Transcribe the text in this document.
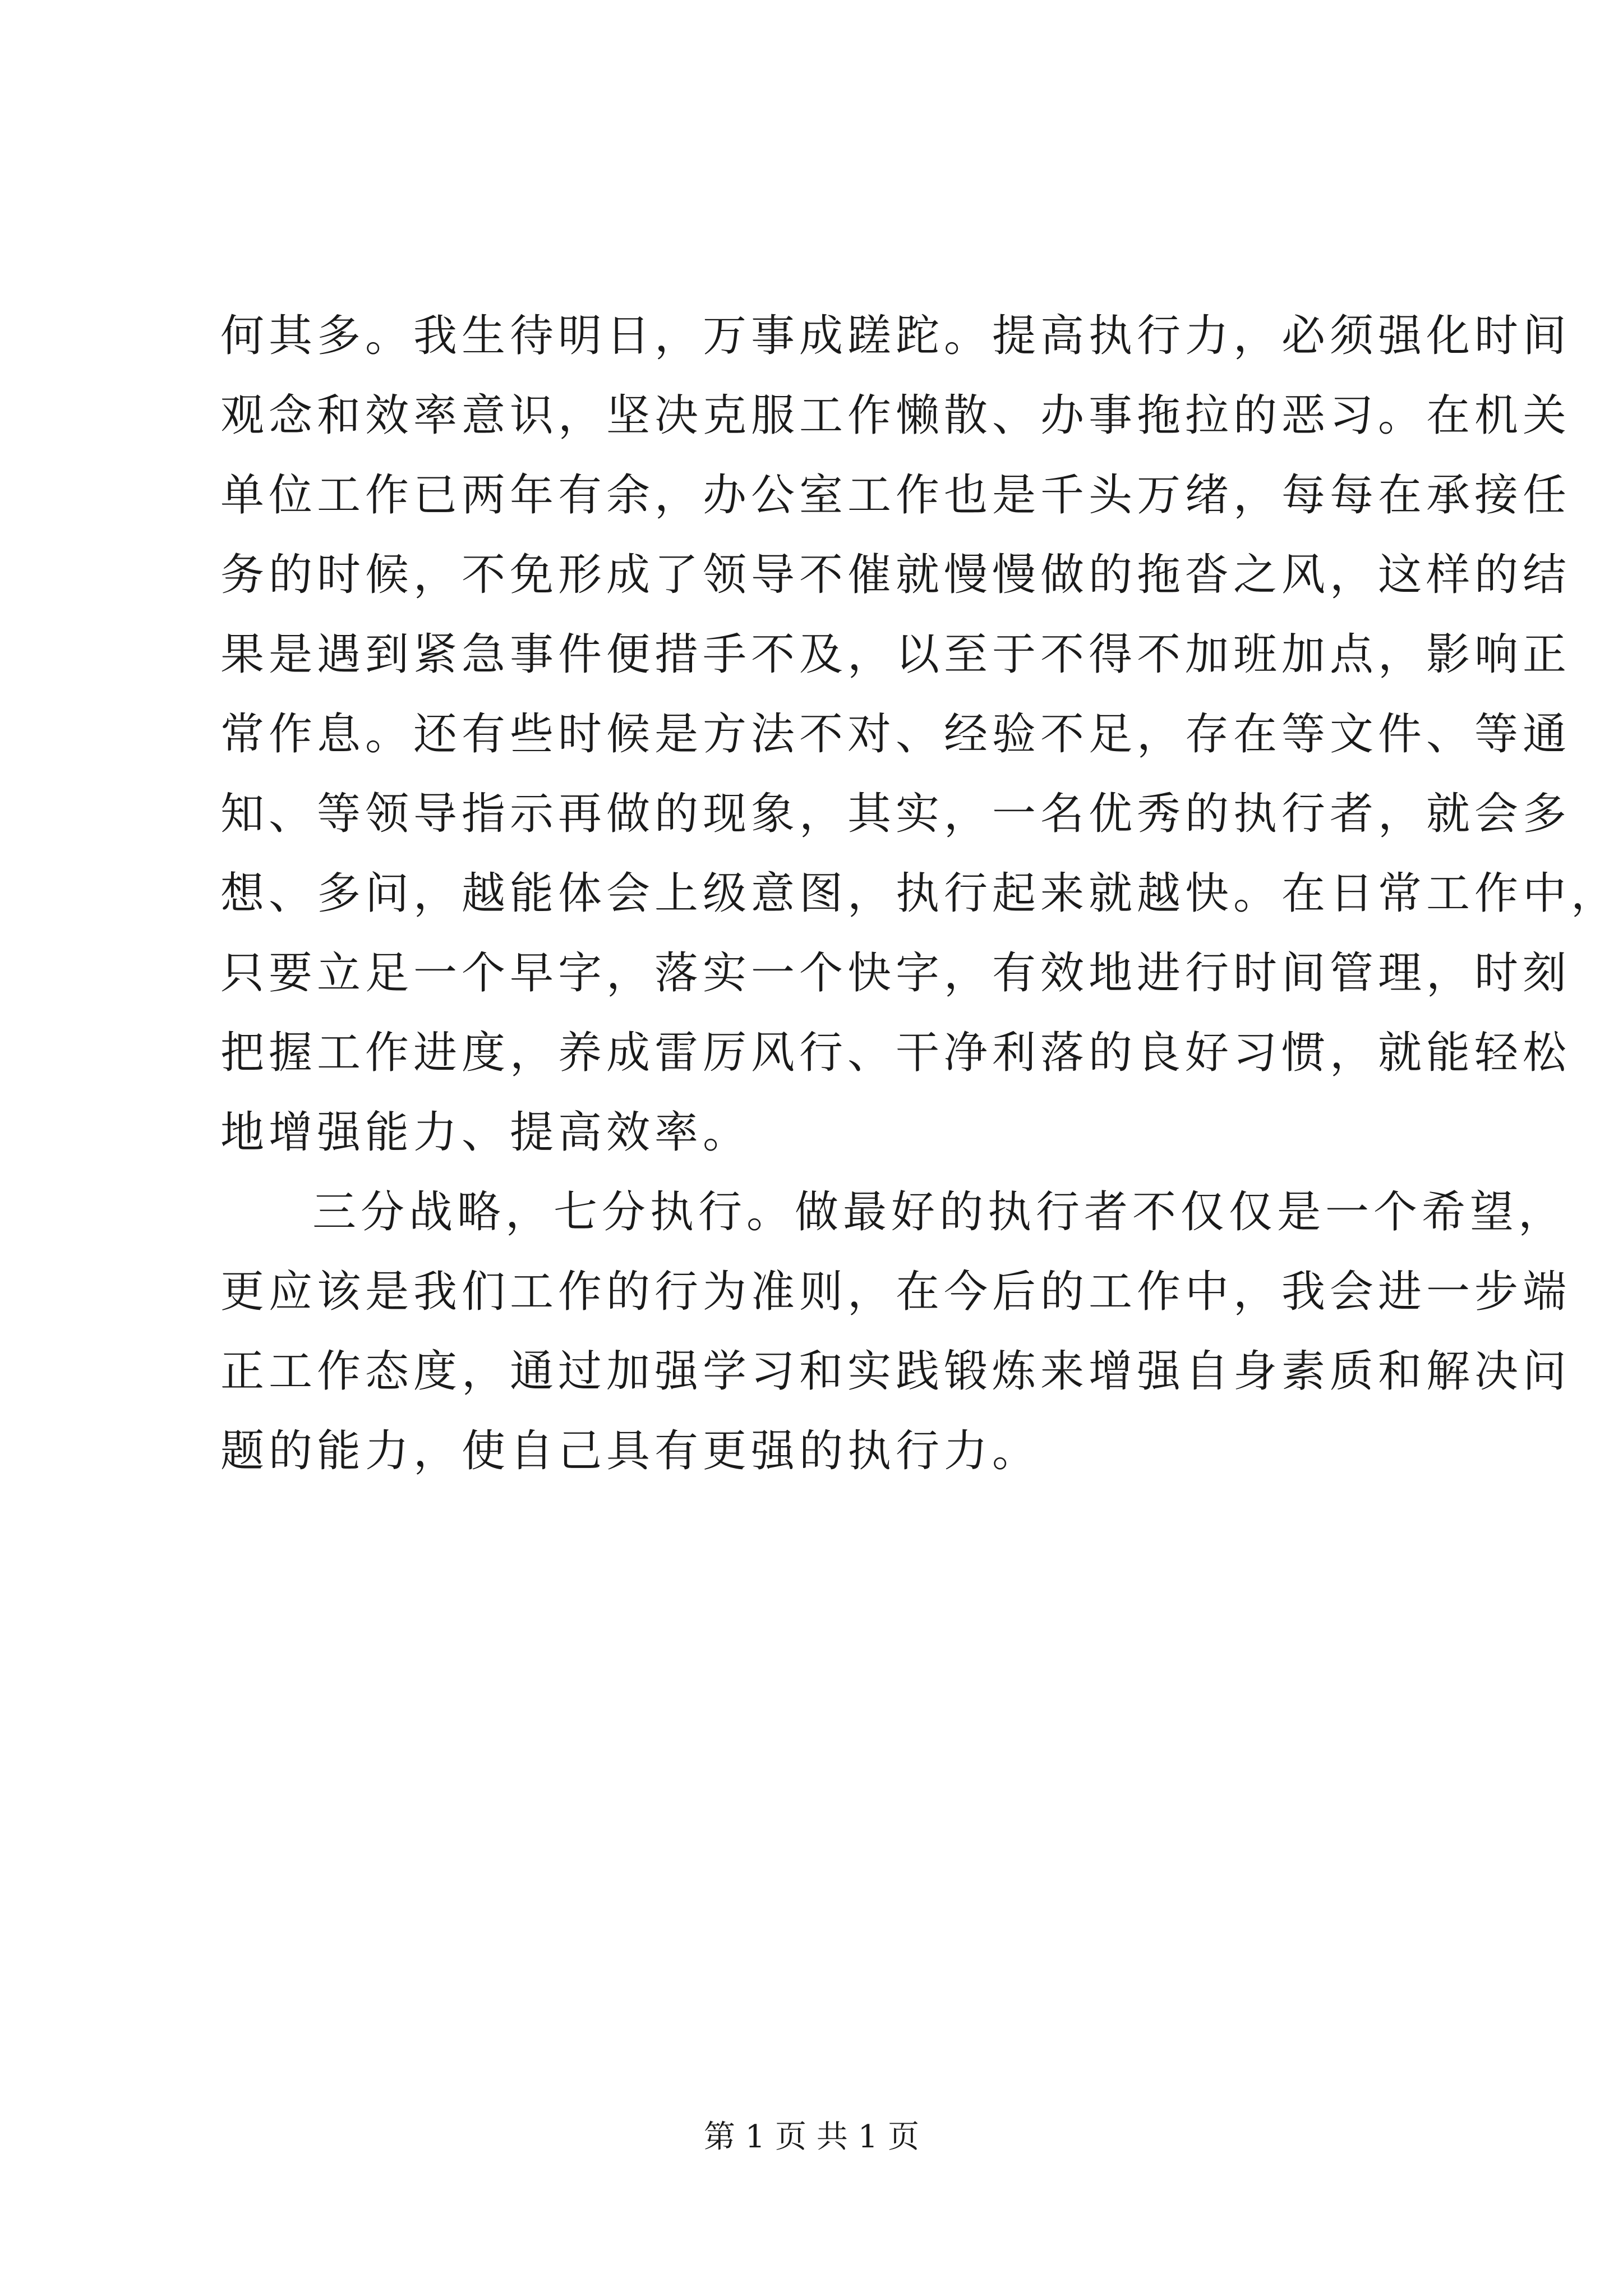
何其多。我生待明日，万事成蹉跎。提高执行力，必须强化时间
观念和效率意识，坚决克服工作懒散、办事拖拉的恶习。在机关
单位工作已两年有余，办公室工作也是千头万绪，每每在承接任
务的时候，不免形成了领导不催就慢慢做的拖沓之风，这样的结
果是遇到紧急事件便措手不及，以至于不得不加班加点，影响正
常作息。还有些时候是方法不对、经验不足，存在等文件、等通
知、等领导指示再做的现象，其实，一名优秀的执行者，就会多
想、多问，越能体会上级意图，执行起来就越快。在日常工作中，
只要立足一个早字，落实一个快字，有效地进行时间管理，时刻
把握工作进度，养成雷厉风行、干净利落的良好习惯，就能轻松
地增强能力、提高效率。
三分战略，七分执行。做最好的执行者不仅仅是一个希望，
更应该是我们工作的行为准则，在今后的工作中，我会进一步端
正工作态度，通过加强学习和实践锻炼来增强自身素质和解决问
题的能力，使自己具有更强的执行力。
第 1 页 共 1 页
